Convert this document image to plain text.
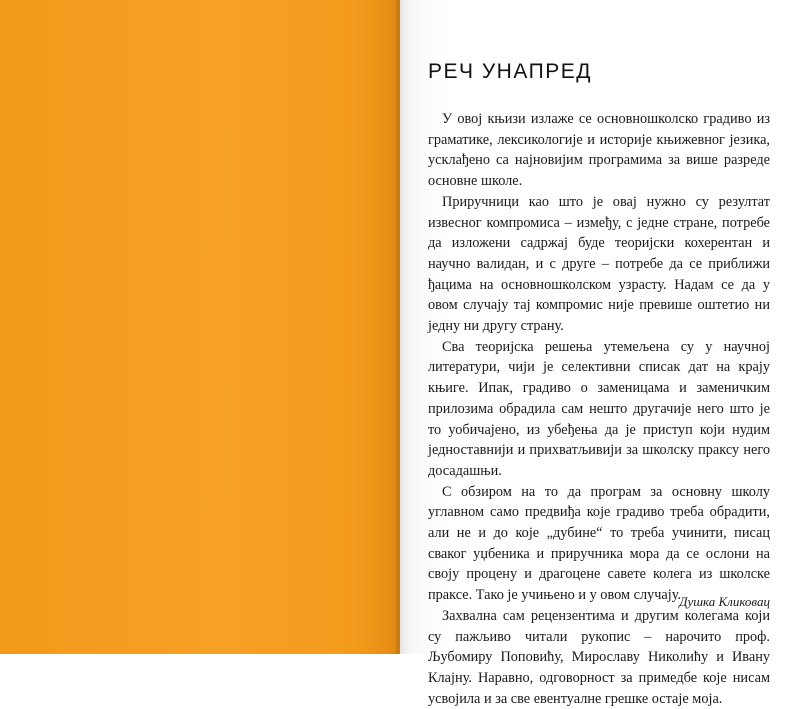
РЕЧ УНАПРЕД

У овој књизи излаже се основношколско градиво из граматике, лексикологије и историје књижевног језика, усклађено са најновијим програмима за више разреде основне школе.

Приручници као што је овај нужно су резултат извесног компромиса – између, с једне стране, потребе да изложени садржај буде теоријски кохерентан и научно валидан, и с друге – потребе да се приближи ђацима на основношколском узрасту. Надам се да у овом случају тај компромис није превише оштетио ни једну ни другу страну.

Сва теоријска решења утемељена су у научној литератури, чији је селективни списак дат на крају књиге. Ипак, градиво о заменицама и заменичким прилозима обрадила сам нешто другачије него што је то уобичајено, из убеђења да је приступ који нудим једноставнији и прихватљивији за школску праксу него досадашњи.

С обзиром на то да програм за основну школу углавном само предвиђа које градиво треба обрадити, али не и до које „дубине“ то треба учинити, писац сваког уџбеника и приручника мора да се ослони на своју процену и драгоцене савете колега из школске праксе. Тако је учињено и у овом случају.

Захвална сам рецензентима и другим колегама који су пажљиво читали рукопис – нарочито проф. Љубомиру Поповићу, Мирославу Николићу и Ивану Клајну. Наравно, одговорност за примедбе које нисам усвојила и за све евентуалне грешке остаје моја.

Душка Кликовац
